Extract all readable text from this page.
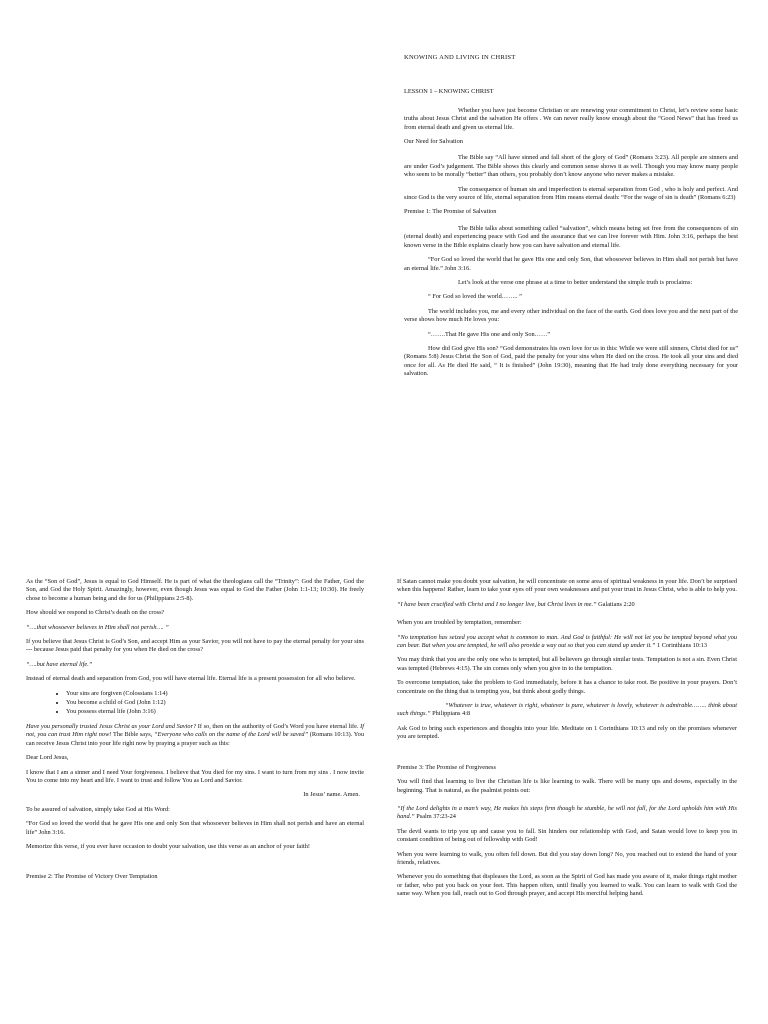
KNOWING AND LIVING IN CHRIST

LESSON 1 – KNOWING CHRIST

Whether you have just become Christian or are renewing your commitment to Christ, let’s review some basic truths about Jesus Christ and the salvation He offers . We can never really know enough about the “Good News” that has freed us from eternal death and given us eternal life.

Our Need for Salvation

The Bible say “All have sinned and fall short of the glory of God” (Romans 3:23). All people are sinners and are under God’s judgement. The Bible shows this clearly and common sense shows it as well. Though you may know many people who seem to be morally “better” than others, you probably don’t know anyone who never makes a mistake.

The consequence of human sin and imperfection is eternal separation from God , who is holy and perfect. And since God is the very source of life, eternal separation from Him means eternal death: “For the wage of sin is death” (Romans 6:23)

Premise 1: The Promise of Salvation

The Bible talks about something called “salvation”, which means being set free from the consequences of sin (eternal death) and experiencing peace with God and the assurance that we can live forever with Him. John 3:16, perhaps the best known verse in the Bible explains clearly how you can have salvation and eternal life.

“For God so loved the world that he gave His one and only Son, that whosoever believes in Him shall not perish but have an eternal life.” John 3:16.

Let’s look at the verse one phrase at a time to better understand the simple truth is proclaims:

“ For God so loved the world…….. ”

The world includes you, me and every other individual on the face of the earth. God does love you and the next part of the verse shows how much He loves you:

“…….That He gave His one and only Son……”

How did God give His son? “God demonstrates his own love for us in this: While we were still sinners, Christ died for us” (Romans 5:8) Jesus Christ the Son of God, paid the penalty for your sins when He died on the cross. He took all your sins and died once for all. As He died He said, “ It is finished” (John 19:30), meaning that He had truly done everything necessary for your salvation.

As the “Son of God”, Jesus is equal to God Himself. He is part of what the theologians call the “Trinity”: God the Father, God the Son, and God the Holy Spirit. Amazingly, however, even though Jesus was equal to God the Father (John 1:1-13; 10:30). He freely chose to become a human being and die for us (Philippians 2:5-8).

How should we respond to Christ’s death on the cross?

“….that whosoever believes in Him shall not perish…. ”

If you believe that Jesus Christ is God’s Son, and accept Him as your Savior, you will not have to pay the eternal penalty for your sins --- because Jesus paid that penalty for you when He died on the cross?

“….but have eternal life.”

Instead of eternal death and separation from God, you will have eternal life. Eternal life is a present possession for all who believe.

• Your sins are forgiven (Colossians 1:14)
• You become a child of God (John 1:12)
• You possess eternal life (John 3:16)

Have you personally trusted Jesus Christ as your Lord and Savior? If so, then on the authority of God’s Word you have eternal life. If not, you can trust Him right now! The Bible says, “Everyone who calls on the name of the Lord will be saved” (Romans 10:13). You can receive Jesus Christ into your life right now by praying a prayer such as this:

Dear Lord Jesus,

I know that I am a sinner and I need Your forgiveness. I believe that You died for my sins. I want to turn from my sins . I now invite You to come into my heart and life. I want to trust and follow You as Lord and Savior.

In Jesus’ name. Amen.

To be assured of salvation, simply take God at His Word:

“For God so loved the world that he gave His one and only Son that whosoever believes in Him shall not perish and have an eternal life” John 3:16.

Memorize this verse, if you ever have occasion to doubt your salvation, use this verse as an anchor of your faith!

Premise 2: The Promise of Victory Over Temptation

If Satan cannot make you doubt your salvation, he will concentrate on some area of spiritual weakness in your life. Don’t be surprised when this happens! Rather, learn to take your eyes off your own weaknesses and put your trust in Jesus Christ, who is able to help you.

“I have been crucified with Christ and I no longer live, but Christ lives in me.” Galatians 2:20

When you are troubled by temptation, remember:

“No temptation has seized you accept what is common to man. And God is faithful: He will not let you be tempted beyond what you can bear. But when you are tempted, he will also provide a way out so that you can stand up under it.” 1 Corinthians 10:13

You may think that you are the only one who is tempted, but all believers go through similar tests. Temptation is not a sin. Even Christ was tempted (Hebrews 4:15). The sin comes only when you give in to the temptation.

To overcome temptation, take the problem to God immediately, before it has a chance to take root. Be positive in your prayers. Don’t concentrate on the thing that is tempting you, but think about godly things.

“Whatever is true, whatever is right, whatever is pure, whatever is lovely, whatever is admirable…….. think about such things.” Philippians 4:8

Ask God to bring such experiences and thoughts into your life. Meditate on 1 Corinthians 10:13 and rely on the promises whenever you are tempted.

Premise 3: The Promise of Forgiveness

You will find that learning to live the Christian life is like learning to walk. There will be many ups and downs, especially in the beginning. That is natural, as the psalmist points out:

“If the Lord delights in a man’s way, He makes his steps firm though he stumble, he will not fall, for the Lord upholds him with His hand.” Psalm 37:23-24

The devil wants to trip you up and cause you to fall. Sin hinders our relationship with God, and Satan would love to keep you in constant condition of being out of fellowship with God!

When you were learning to walk, you often fell down. But did you stay down long? No, you reached out to extend the hand of your friends, relatives.

Whenever you do something that displeases the Lord, as soon as the Spirit of God has made you aware of it, make things right mother or father, who put you back on your feet. This happen often, until finally you learned to walk. You can learn to walk with God the same way. When you fall, reach out to God through prayer, and accept His merciful helping hand.
